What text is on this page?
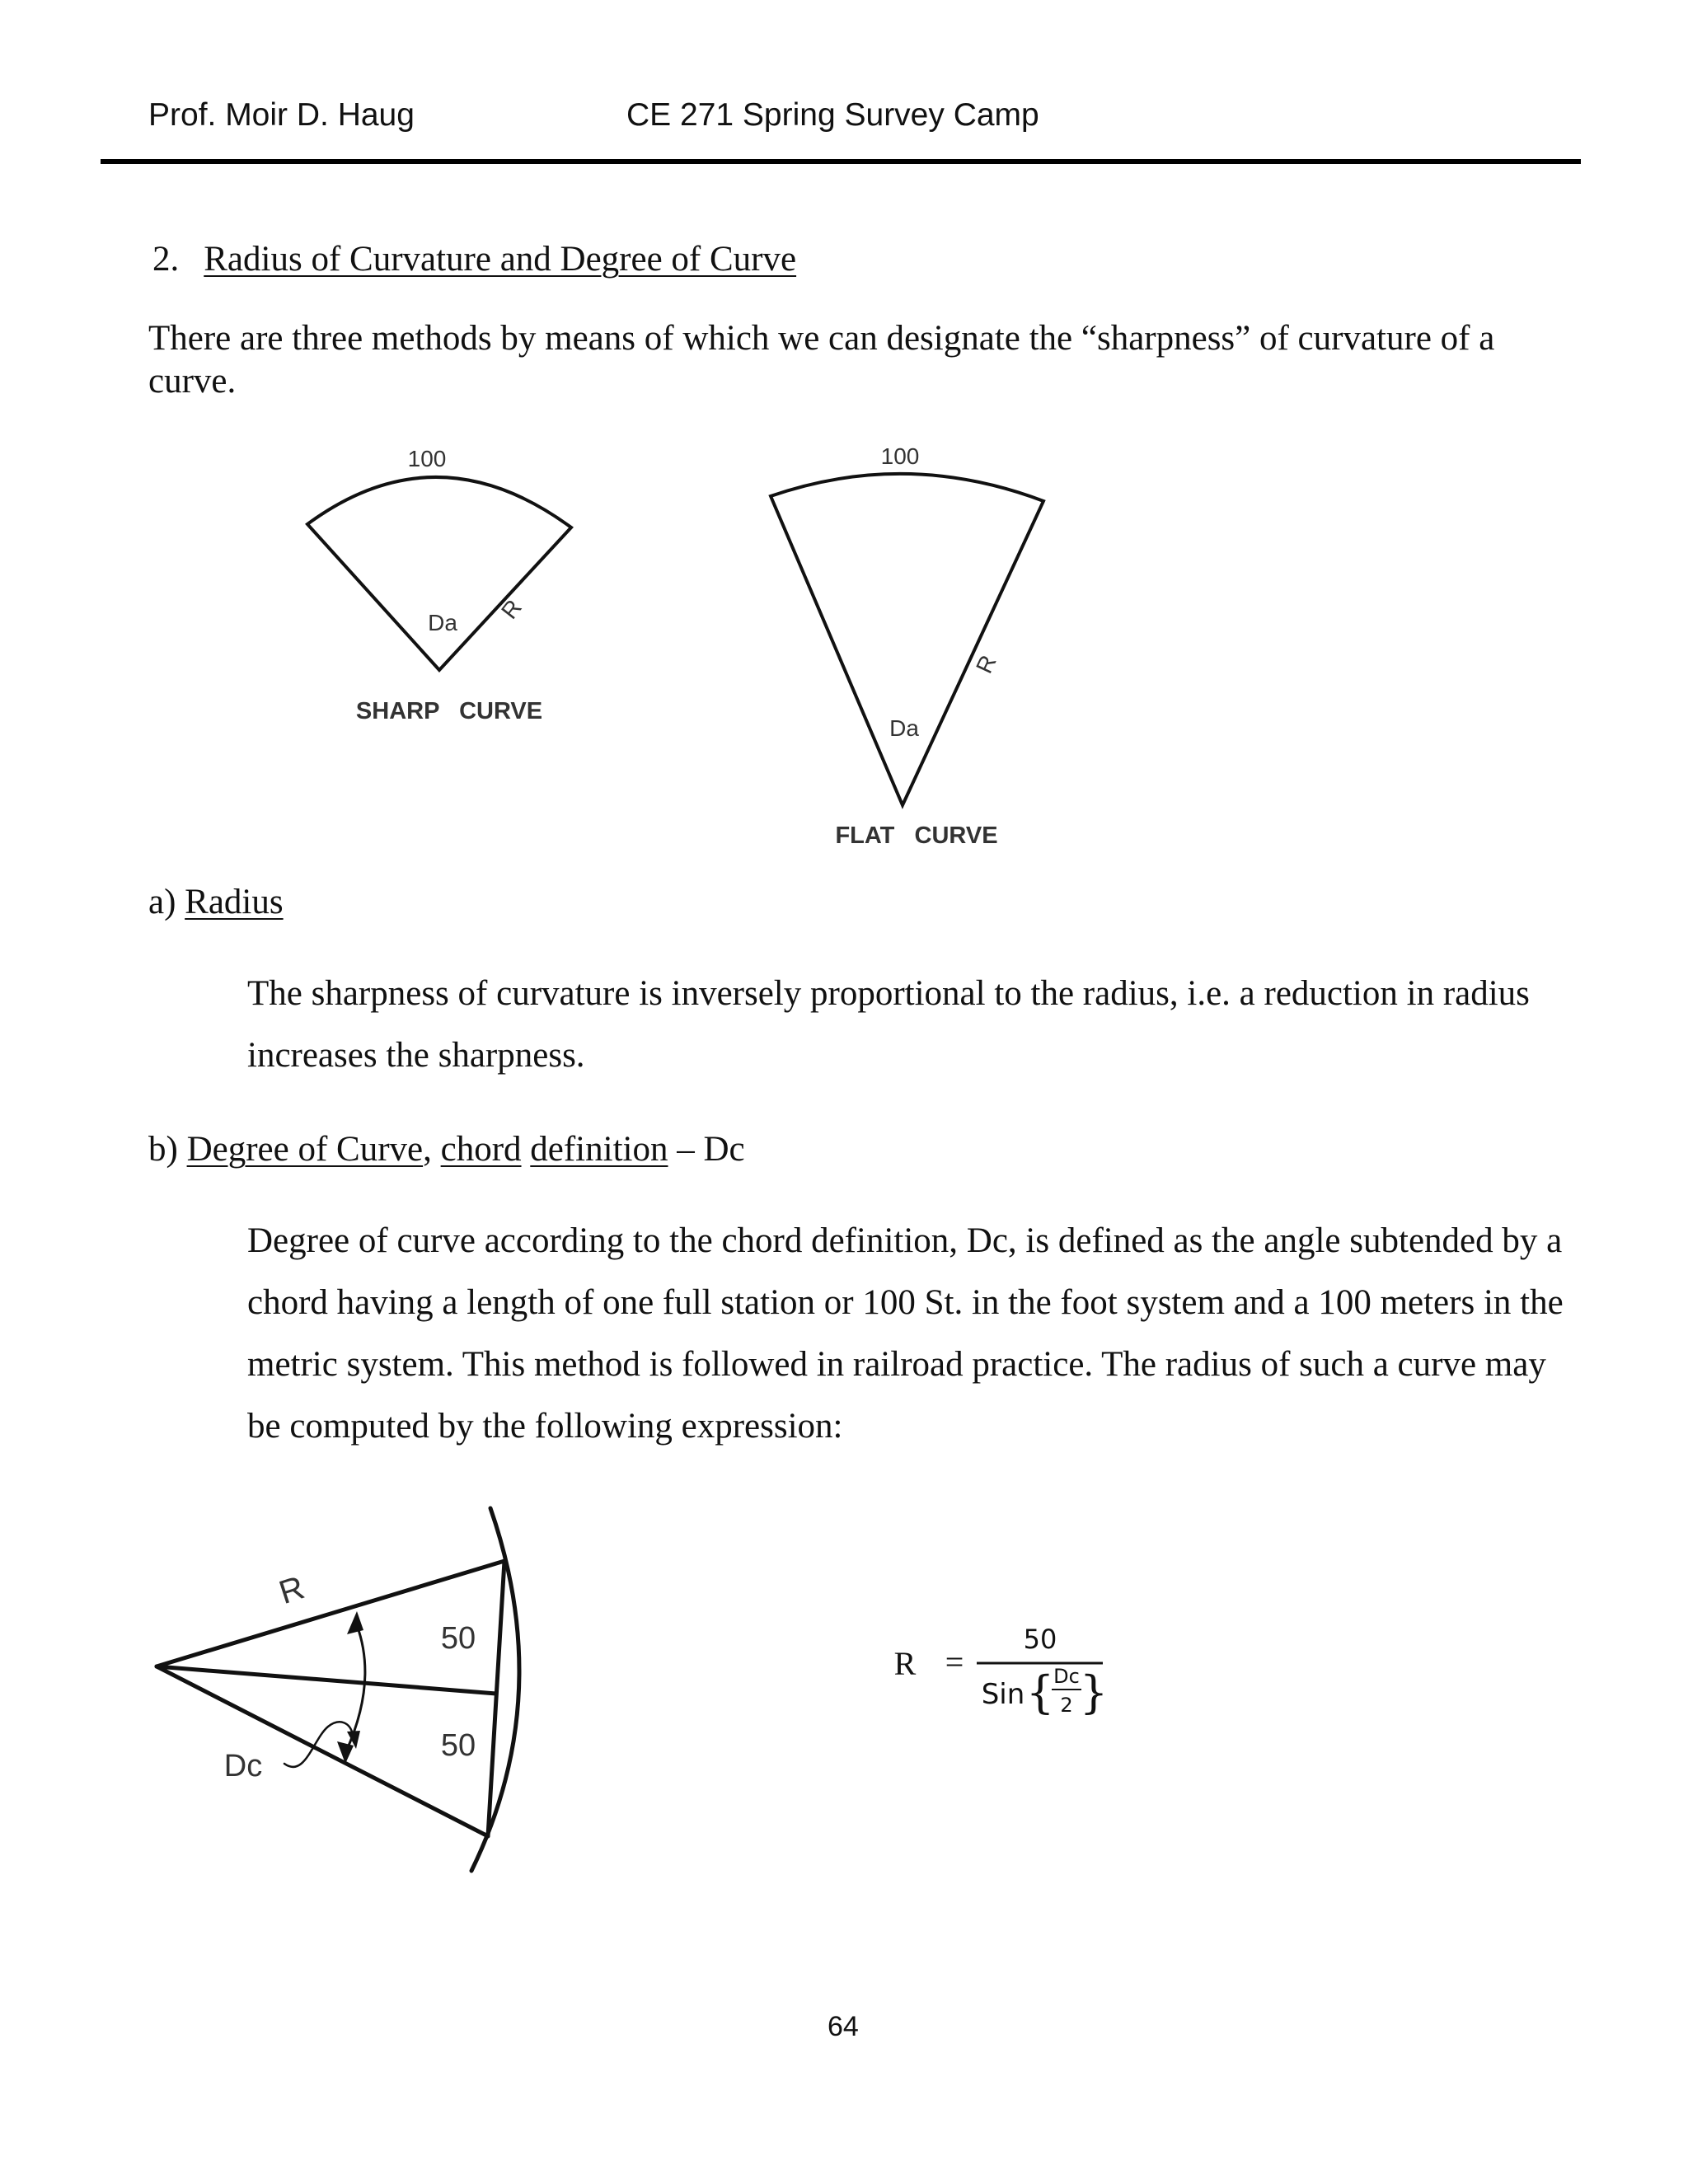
Prof. Moir D. Haug	CE 271 Spring Survey Camp
2. Radius of Curvature and Degree of Curve
There are three methods by means of which we can designate the “sharpness” of curvature of a curve.
100
Da R
SHARP   CURVE
100
Da
R
FLAT   CURVE
R
50
50
Dc
R =
50
Sin {
Dc
2 }
a) Radius
The sharpness of curvature is inversely proportional to the radius, i.e. a reduction in radius increases the sharpness.
b) Degree of Curve, chord definition – Dc
Degree of curve according to the chord definition, Dc, is defined as the angle subtended by a chord having a length of one full station or 100 St. in the foot system and a 100 meters in the metric system. This method is followed in railroad practice. The radius of such a curve may be computed by the following expression:
64
